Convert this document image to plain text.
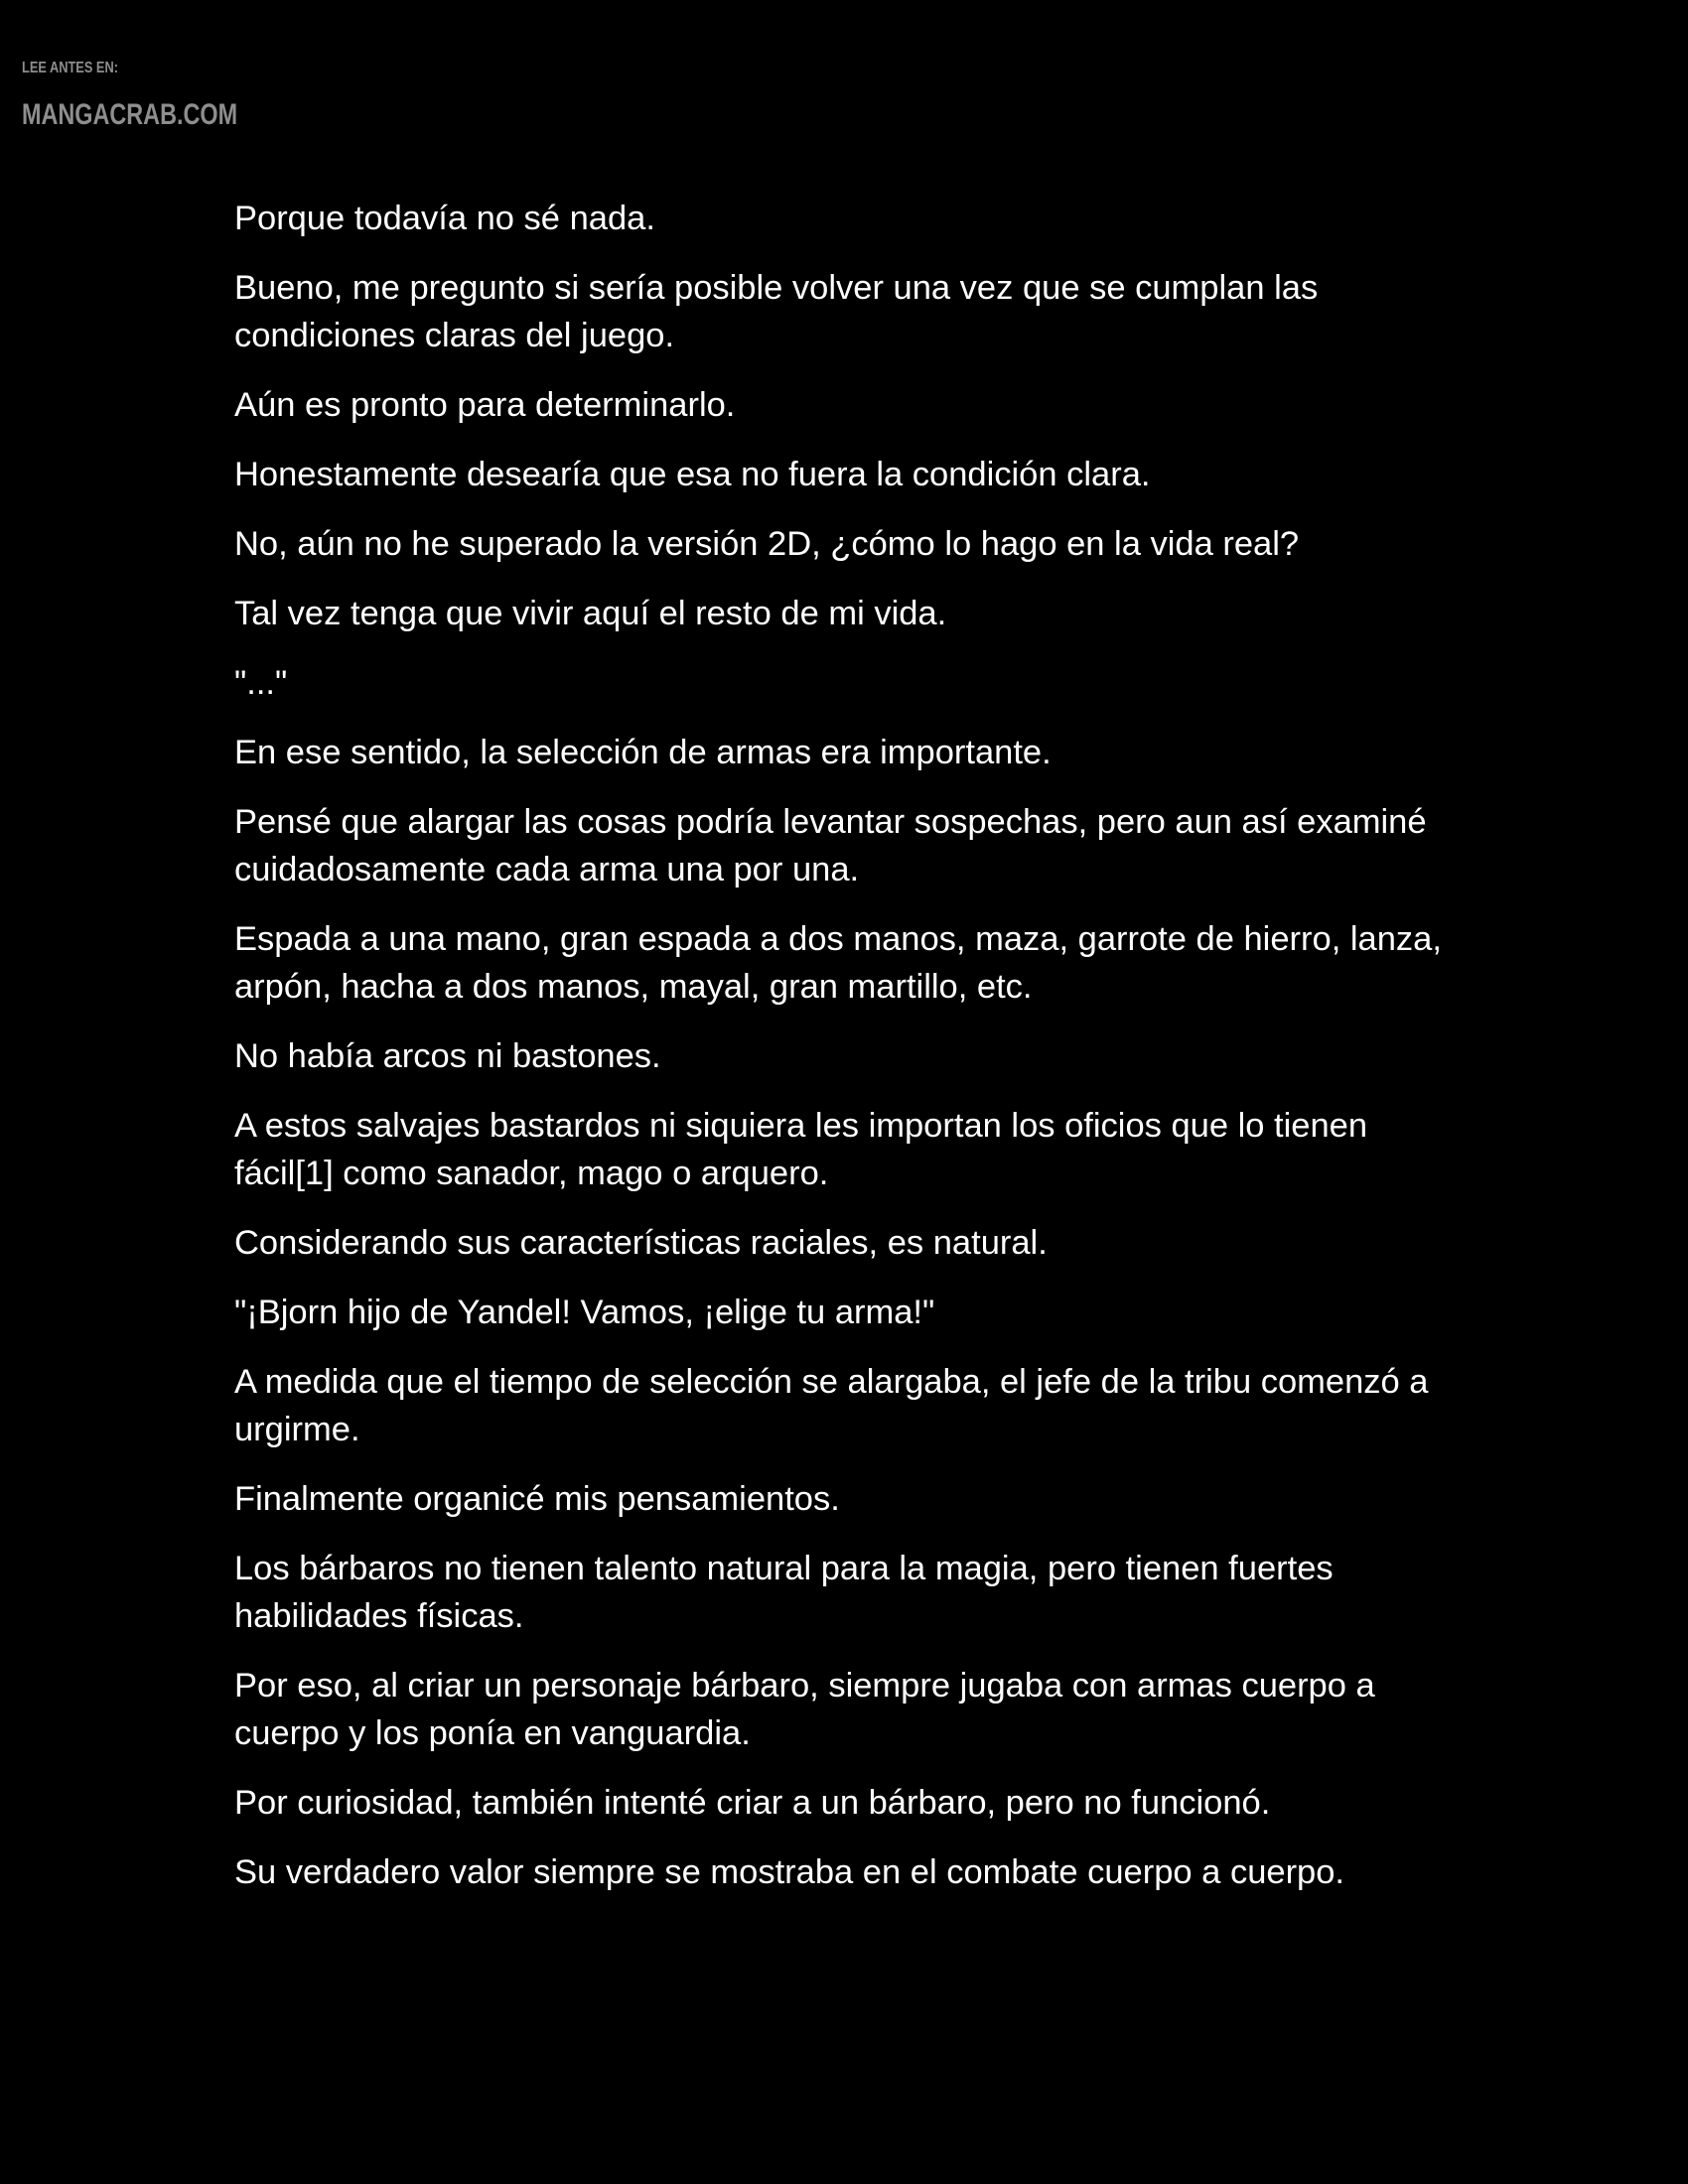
LEE ANTES EN:
MANGACRAB.COM

Porque todavía no sé nada.

Bueno, me pregunto si sería posible volver una vez que se cumplan las condiciones claras del juego.

Aún es pronto para determinarlo.

Honestamente desearía que esa no fuera la condición clara.

No, aún no he superado la versión 2D, ¿cómo lo hago en la vida real?

Tal vez tenga que vivir aquí el resto de mi vida.

"..."

En ese sentido, la selección de armas era importante.

Pensé que alargar las cosas podría levantar sospechas, pero aun así examiné cuidadosamente cada arma una por una.

Espada a una mano, gran espada a dos manos, maza, garrote de hierro, lanza, arpón, hacha a dos manos, mayal, gran martillo, etc.

No había arcos ni bastones.

A estos salvajes bastardos ni siquiera les importan los oficios que lo tienen fácil[1] como sanador, mago o arquero.

Considerando sus características raciales, es natural.

"¡Bjorn hijo de Yandel! Vamos, ¡elige tu arma!"

A medida que el tiempo de selección se alargaba, el jefe de la tribu comenzó a urgirme.

Finalmente organicé mis pensamientos.

Los bárbaros no tienen talento natural para la magia, pero tienen fuertes habilidades físicas.

Por eso, al criar un personaje bárbaro, siempre jugaba con armas cuerpo a cuerpo y los ponía en vanguardia.

Por curiosidad, también intenté criar a un bárbaro, pero no funcionó.

Su verdadero valor siempre se mostraba en el combate cuerpo a cuerpo.
